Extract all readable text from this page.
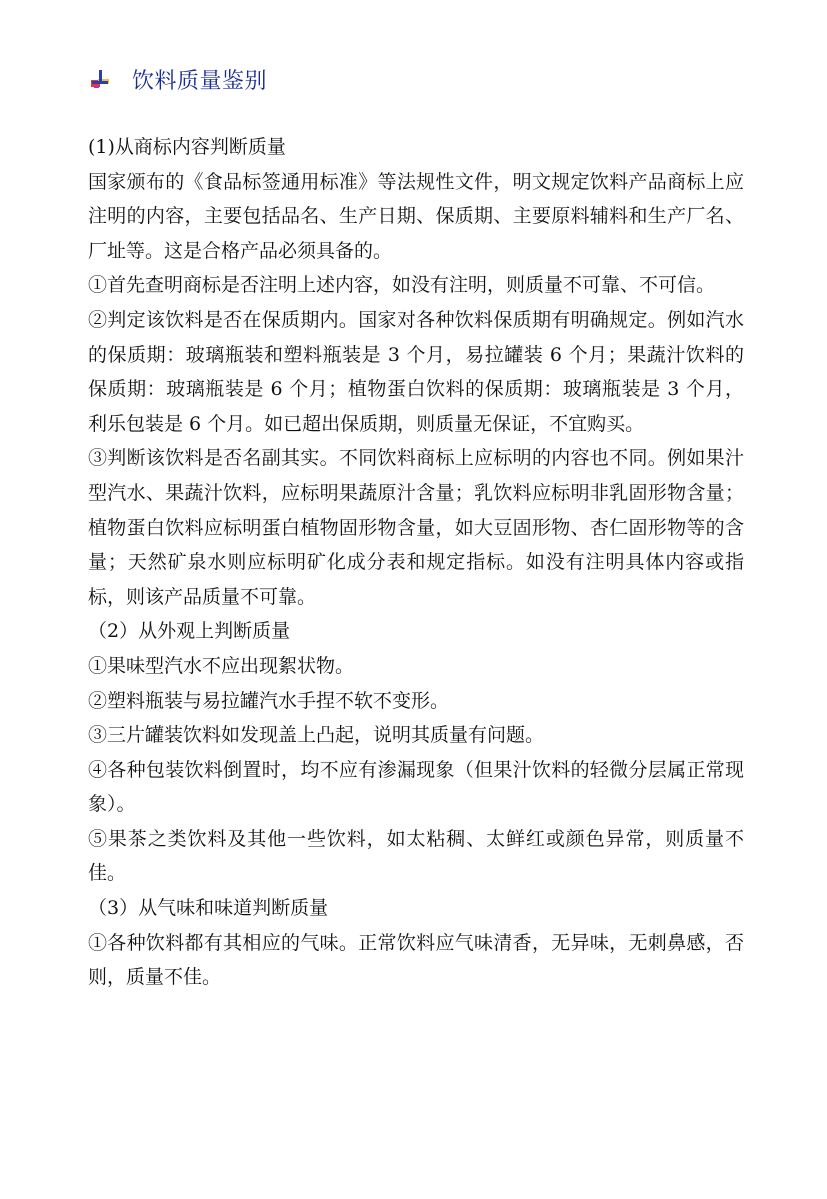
饮料质量鉴别

(1)从商标内容判断质量

国家颁布的《食品标签通用标准》等法规性文件，明文规定饮料产品商标上应注明的内容，主要包括品名、生产日期、保质期、主要原料辅料和生产厂名、厂址等。这是合格产品必须具备的。

①首先查明商标是否注明上述内容，如没有注明，则质量不可靠、不可信。

②判定该饮料是否在保质期内。国家对各种饮料保质期有明确规定。例如汽水的保质期：玻璃瓶装和塑料瓶装是 3 个月，易拉罐装 6 个月；果蔬汁饮料的保质期：玻璃瓶装是 6 个月；植物蛋白饮料的保质期：玻璃瓶装是 3 个月，利乐包装是 6 个月。如已超出保质期，则质量无保证，不宜购买。

③判断该饮料是否名副其实。不同饮料商标上应标明的内容也不同。例如果汁型汽水、果蔬汁饮料，应标明果蔬原汁含量；乳饮料应标明非乳固形物含量；植物蛋白饮料应标明蛋白植物固形物含量，如大豆固形物、杏仁固形物等的含量；天然矿泉水则应标明矿化成分表和规定指标。如没有注明具体内容或指标，则该产品质量不可靠。

（2）从外观上判断质量

①果味型汽水不应出现絮状物。

②塑料瓶装与易拉罐汽水手捏不软不变形。

③三片罐装饮料如发现盖上凸起，说明其质量有问题。

④各种包装饮料倒置时，均不应有渗漏现象（但果汁饮料的轻微分层属正常现象）。

⑤果茶之类饮料及其他一些饮料，如太粘稠、太鲜红或颜色异常，则质量不佳。

（3）从气味和味道判断质量

①各种饮料都有其相应的气味。正常饮料应气味清香，无异味，无刺鼻感，否则，质量不佳。
